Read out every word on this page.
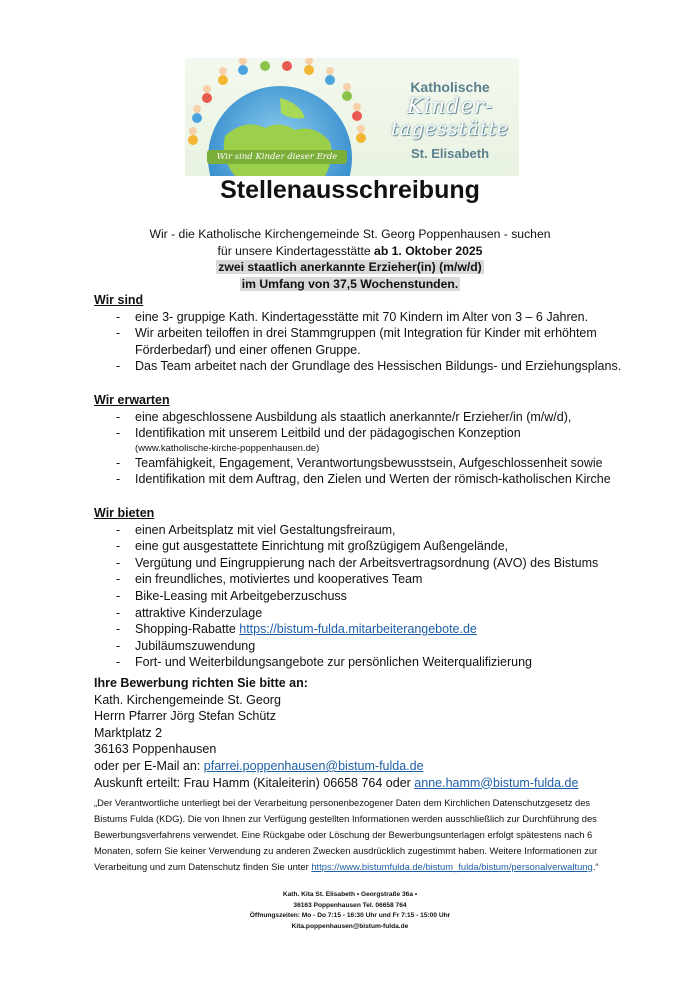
Wir sind Kinder dieser Erde
Katholische
Kinder-
tagesstätte
St. Elisabeth
Stellenausschreibung
Wir - die Katholische Kirchengemeinde St. Georg Poppenhausen - suchen
für unsere Kindertagesstätte ab 1. Oktober 2025
zwei staatlich anerkannte Erzieher(in) (m/w/d)
im Umfang von 37,5 Wochenstunden.
Wir sind
- eine 3- gruppige Kath. Kindertagesstätte mit 70 Kindern im Alter von 3 – 6 Jahren.
- Wir arbeiten teiloffen in drei Stammgruppen (mit Integration für Kinder mit erhöhtem Förderbedarf) und einer offenen Gruppe.
- Das Team arbeitet nach der Grundlage des Hessischen Bildungs- und Erziehungsplans.
Wir erwarten
- eine abgeschlossene Ausbildung als staatlich anerkannte/r Erzieher/in (m/w/d),
- Identifikation mit unserem Leitbild und der pädagogischen Konzeption
(www.katholische-kirche-poppenhausen.de)
- Teamfähigkeit, Engagement, Verantwortungsbewusstsein, Aufgeschlossenheit sowie
- Identifikation mit dem Auftrag, den Zielen und Werten der römisch-katholischen Kirche
Wir bieten
- einen Arbeitsplatz mit viel Gestaltungsfreiraum,
- eine gut ausgestattete Einrichtung mit großzügigem Außengelände,
- Vergütung und Eingruppierung nach der Arbeitsvertragsordnung (AVO) des Bistums
- ein freundliches, motiviertes und kooperatives Team
- Bike-Leasing mit Arbeitgeberzuschuss
- attraktive Kinderzulage
- Shopping-Rabatte https://bistum-fulda.mitarbeiterangebote.de
- Jubiläumszuwendung
- Fort- und Weiterbildungsangebote zur persönlichen Weiterqualifizierung
Ihre Bewerbung richten Sie bitte an:
Kath. Kirchengemeinde St. Georg
Herrn Pfarrer Jörg Stefan Schütz
Marktplatz 2
36163 Poppenhausen
oder per E-Mail an: pfarrei.poppenhausen@bistum-fulda.de
Auskunft erteilt: Frau Hamm (Kitaleiterin) 06658 764 oder anne.hamm@bistum-fulda.de
„Der Verantwortliche unterliegt bei der Verarbeitung personenbezogener Daten dem Kirchlichen Datenschutzgesetz des Bistums Fulda (KDG). Die von Ihnen zur Verfügung gestellten Informationen werden ausschließlich zur Durchführung des Bewerbungsverfahrens verwendet. Eine Rückgabe oder Löschung der Bewerbungsunterlagen erfolgt spätestens nach 6 Monaten, sofern Sie keiner Verwendung zu anderen Zwecken ausdrücklich zugestimmt haben. Weitere Informationen zur Verarbeitung und zum Datenschutz finden Sie unter https://www.bistumfulda.de/bistum_fulda/bistum/personalverwaltung.“
Kath. Kita St. Elisabeth • Georgstraße 36a •
36163 Poppenhausen Tel. 06658 764
Öffnungszeiten: Mo - Do 7:15 - 16:30 Uhr und Fr 7:15 - 15:00 Uhr
Kita.poppenhausen@bistum-fulda.de
